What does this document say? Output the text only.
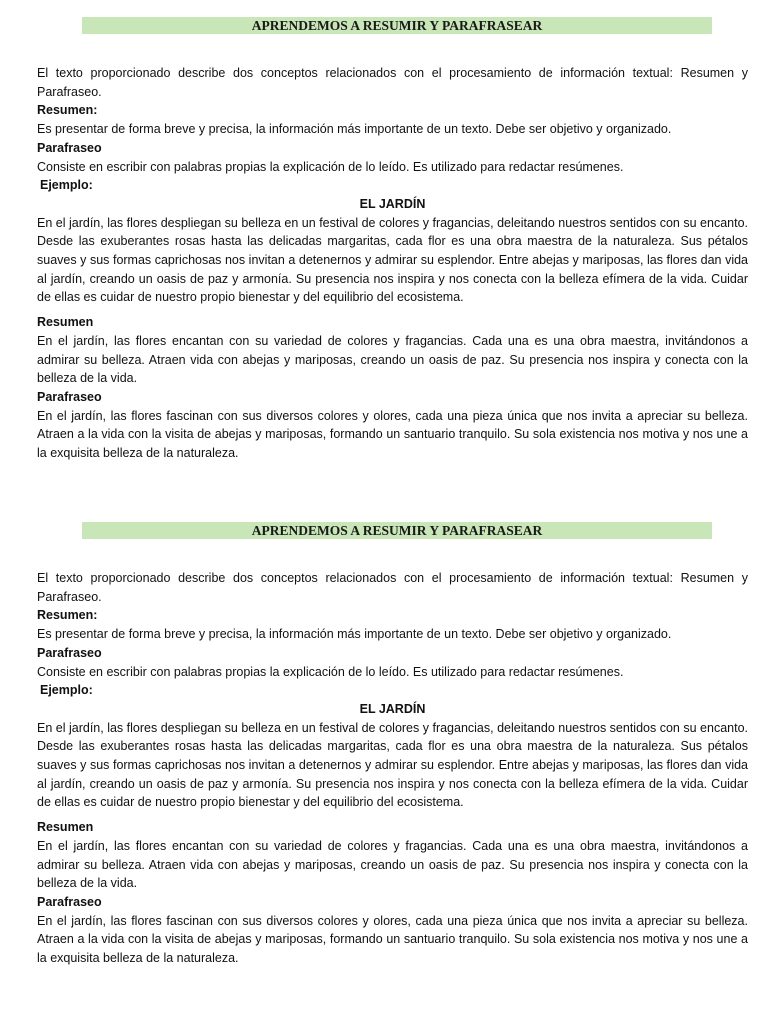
APRENDEMOS A RESUMIR Y PARAFRASEAR

El texto proporcionado describe dos conceptos relacionados con el procesamiento de información textual: Resumen y Parafraseo.

Resumen:

Es presentar de forma breve y precisa, la información más importante de un texto. Debe ser objetivo y organizado.

Parafraseo

Consiste en escribir con palabras propias la explicación de lo leído. Es utilizado para redactar resúmenes.

Ejemplo:

EL JARDÍN

En el jardín, las flores despliegan su belleza en un festival de colores y fragancias, deleitando nuestros sentidos con su encanto. Desde las exuberantes rosas hasta las delicadas margaritas, cada flor es una obra maestra de la naturaleza. Sus pétalos suaves y sus formas caprichosas nos invitan a detenernos y admirar su esplendor. Entre abejas y mariposas, las flores dan vida al jardín, creando un oasis de paz y armonía. Su presencia nos inspira y nos conecta con la belleza efímera de la vida. Cuidar de ellas es cuidar de nuestro propio bienestar y del equilibrio del ecosistema.

Resumen

En el jardín, las flores encantan con su variedad de colores y fragancias. Cada una es una obra maestra, invitándonos a admirar su belleza. Atraen vida con abejas y mariposas, creando un oasis de paz. Su presencia nos inspira y conecta con la belleza de la vida.

Parafraseo

En el jardín, las flores fascinan con sus diversos colores y olores, cada una pieza única que nos invita a apreciar su belleza. Atraen a la vida con la visita de abejas y mariposas, formando un santuario tranquilo. Su sola existencia nos motiva y nos une a la exquisita belleza de la naturaleza.

APRENDEMOS A RESUMIR Y PARAFRASEAR

El texto proporcionado describe dos conceptos relacionados con el procesamiento de información textual: Resumen y Parafraseo.

Resumen:

Es presentar de forma breve y precisa, la información más importante de un texto. Debe ser objetivo y organizado.

Parafraseo

Consiste en escribir con palabras propias la explicación de lo leído. Es utilizado para redactar resúmenes.

Ejemplo:

EL JARDÍN

En el jardín, las flores despliegan su belleza en un festival de colores y fragancias, deleitando nuestros sentidos con su encanto. Desde las exuberantes rosas hasta las delicadas margaritas, cada flor es una obra maestra de la naturaleza. Sus pétalos suaves y sus formas caprichosas nos invitan a detenernos y admirar su esplendor. Entre abejas y mariposas, las flores dan vida al jardín, creando un oasis de paz y armonía. Su presencia nos inspira y nos conecta con la belleza efímera de la vida. Cuidar de ellas es cuidar de nuestro propio bienestar y del equilibrio del ecosistema.

Resumen

En el jardín, las flores encantan con su variedad de colores y fragancias. Cada una es una obra maestra, invitándonos a admirar su belleza. Atraen vida con abejas y mariposas, creando un oasis de paz. Su presencia nos inspira y conecta con la belleza de la vida.

Parafraseo

En el jardín, las flores fascinan con sus diversos colores y olores, cada una pieza única que nos invita a apreciar su belleza. Atraen a la vida con la visita de abejas y mariposas, formando un santuario tranquilo. Su sola existencia nos motiva y nos une a la exquisita belleza de la naturaleza.
